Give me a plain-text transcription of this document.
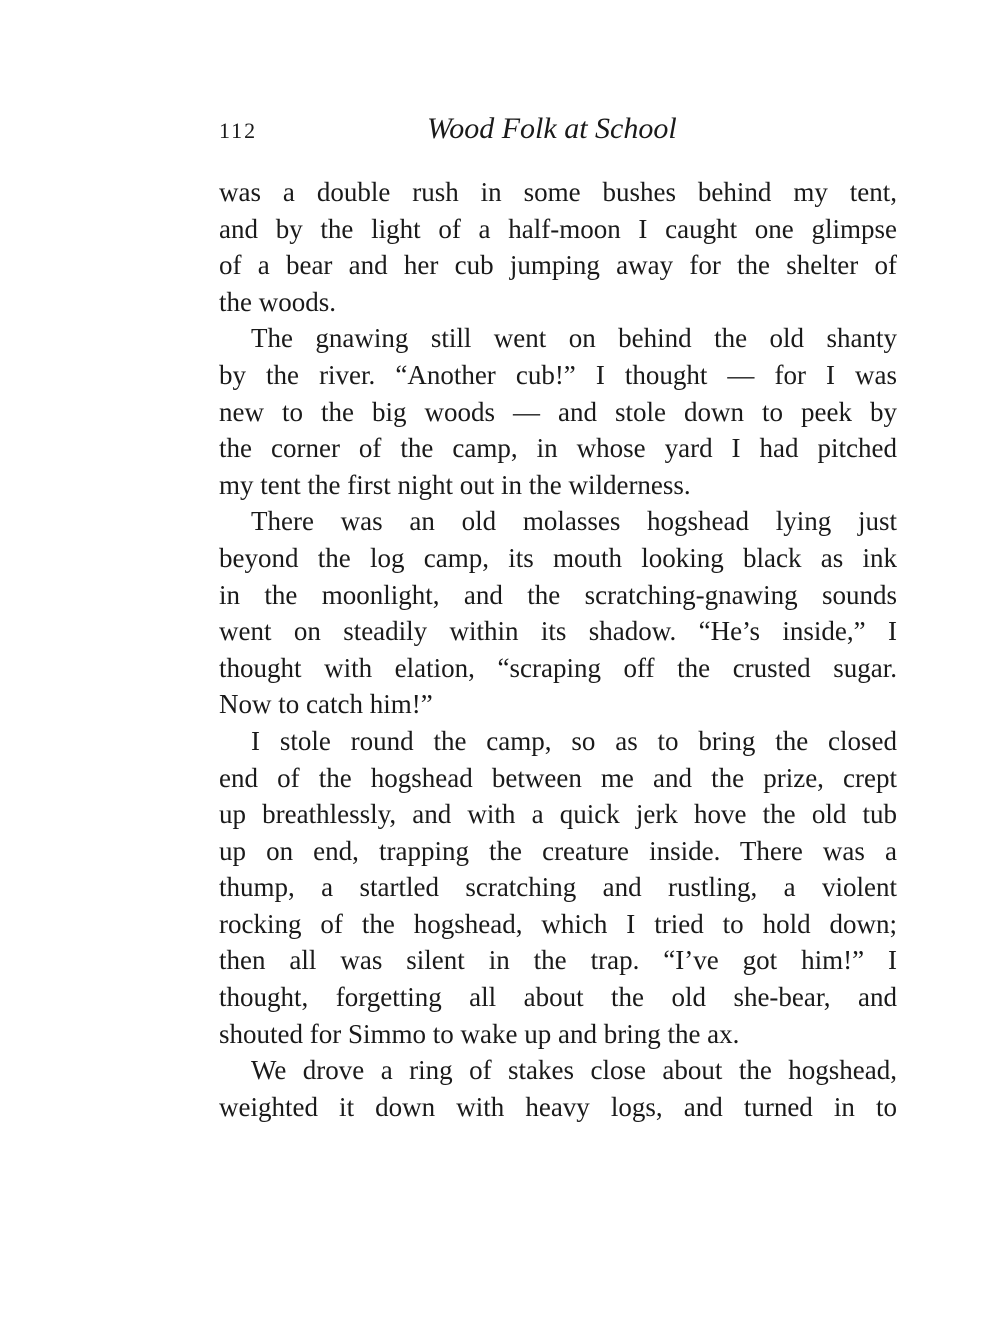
112	Wood Folk at School
was a double rush in some bushes behind my tent,
and by the light of a half-moon I caught one glimpse
of a bear and her cub jumping away for the shelter of
the woods.
The gnawing still went on behind the old shanty
by the river. “Another cub!” I thought — for I was
new to the big woods — and stole down to peek by
the corner of the camp, in whose yard I had pitched
my tent the first night out in the wilderness.
There was an old molasses hogshead lying just
beyond the log camp, its mouth looking black as ink
in the moonlight, and the scratching-gnawing sounds
went on steadily within its shadow. “He’s inside,” I
thought with elation, “scraping off the crusted sugar.
Now to catch him!”
I stole round the camp, so as to bring the closed
end of the hogshead between me and the prize, crept
up breathlessly, and with a quick jerk hove the old tub
up on end, trapping the creature inside. There was a
thump, a startled scratching and rustling, a violent
rocking of the hogshead, which I tried to hold down;
then all was silent in the trap. “I’ve got him!” I
thought, forgetting all about the old she-bear, and
shouted for Simmo to wake up and bring the ax.
We drove a ring of stakes close about the hogshead,
weighted it down with heavy logs, and turned in to
